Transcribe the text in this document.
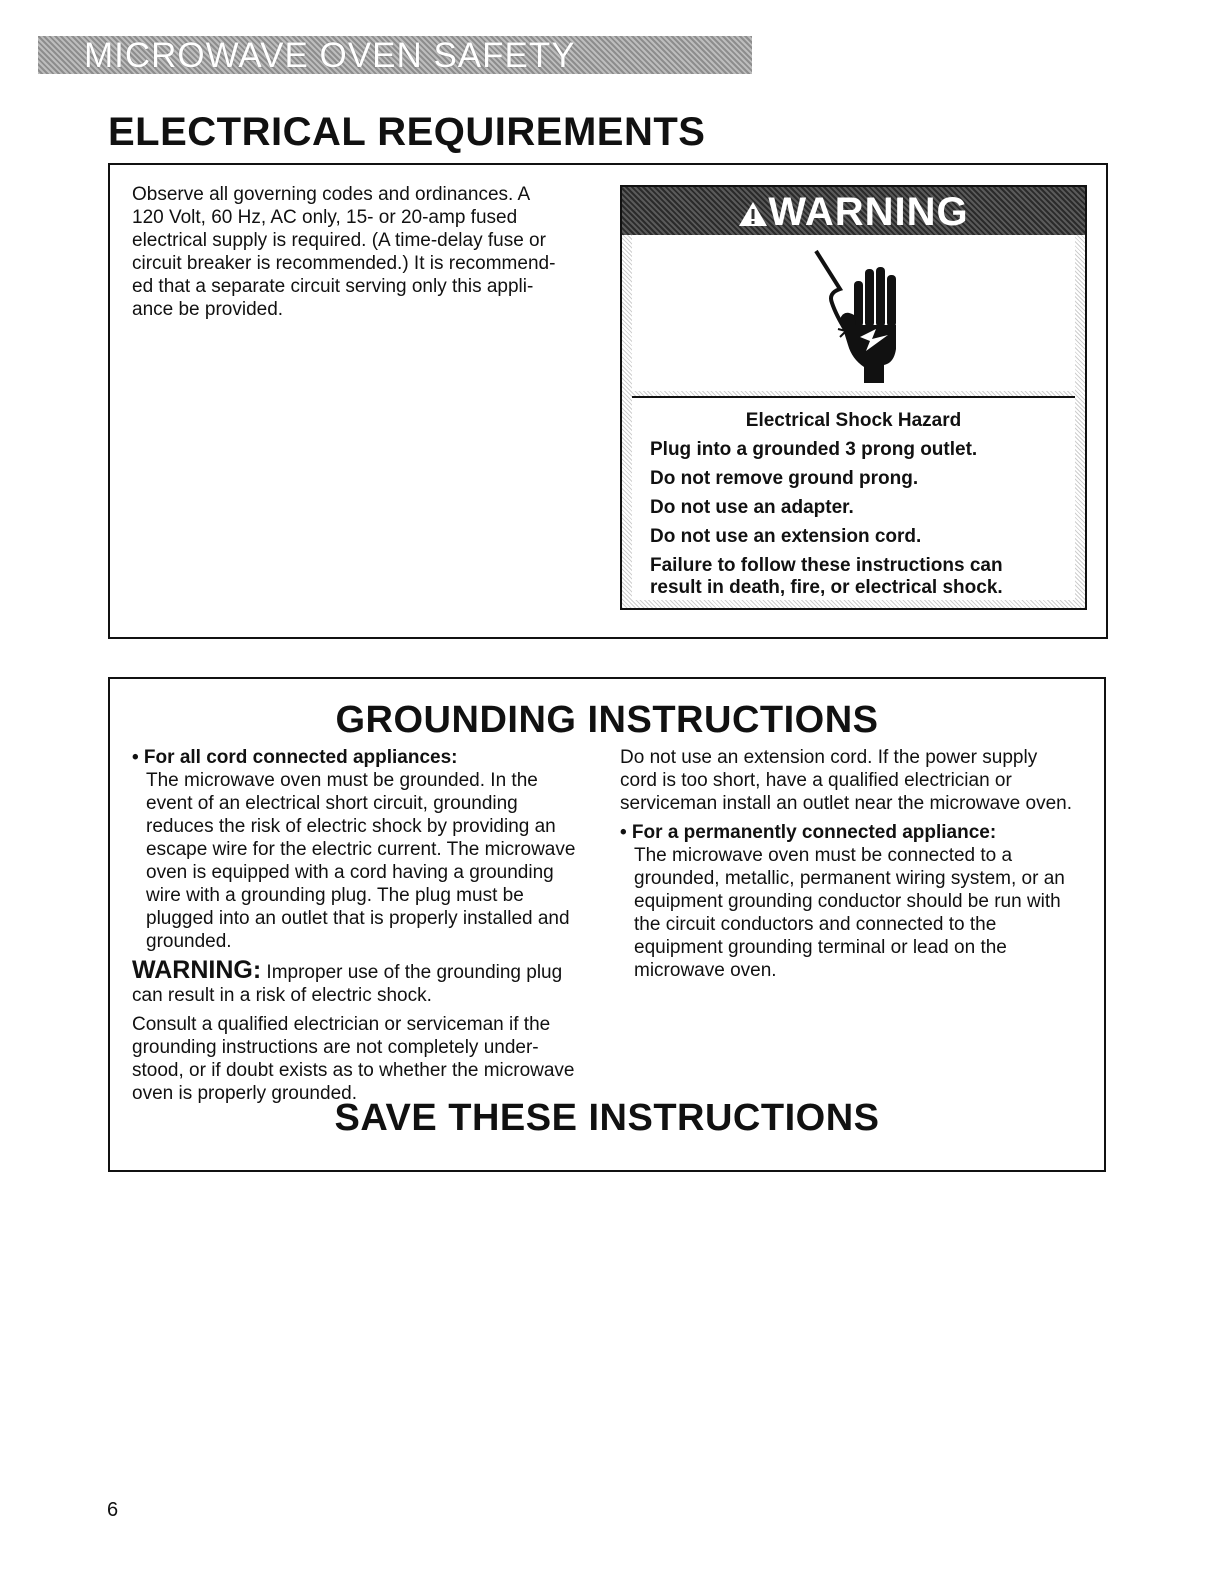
MICROWAVE OVEN SAFETY
ELECTRICAL REQUIREMENTS

Observe all governing codes and ordinances. A
120 Volt, 60 Hz, AC only, 15- or 20-amp fused
electrical supply is required. (A time-delay fuse or
circuit breaker is recommended.) It is recommend-
ed that a separate circuit serving only this appli-
ance be provided.

WARNING

Electrical Shock Hazard

Plug into a grounded 3 prong outlet.

Do not remove ground prong.

Do not use an adapter.

Do not use an extension cord.

Failure to follow these instructions can
result in death, fire, or electrical shock.

GROUNDING INSTRUCTIONS

• For all cord connected appliances:

The microwave oven must be grounded. In the
event of an electrical short circuit, grounding
reduces the risk of electric shock by providing an
escape wire for the electric current. The microwave
oven is equipped with a cord having a grounding
wire with a grounding plug. The plug must be
plugged into an outlet that is properly installed and
grounded.

WARNING: Improper use of the grounding plug
can result in a risk of electric shock.

Consult a qualified electrician or serviceman if the
grounding instructions are not completely under-
stood, or if doubt exists as to whether the microwave
oven is properly grounded.

Do not use an extension cord. If the power supply
cord is too short, have a qualified electrician or
serviceman install an outlet near the microwave oven.

• For a permanently connected appliance:

The microwave oven must be connected to a
grounded, metallic, permanent wiring system, or an
equipment grounding conductor should be run with
the circuit conductors and connected to the
equipment grounding terminal or lead on the
microwave oven.

SAVE THESE INSTRUCTIONS
6
